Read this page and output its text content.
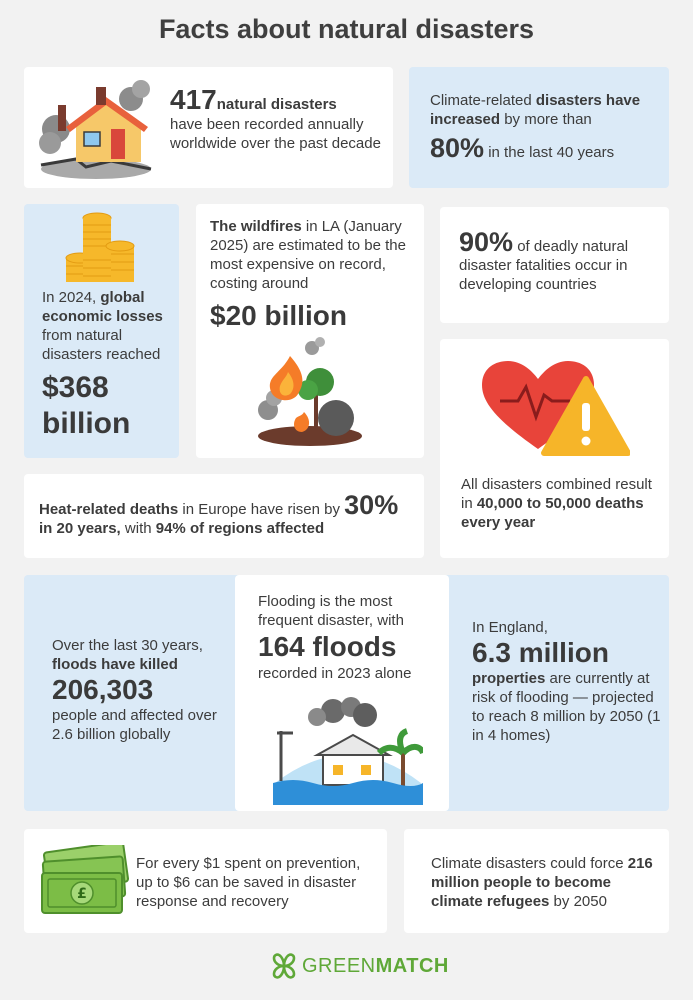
Facts about natural disasters
417natural disasters
have been recorded annually worldwide over the past decade
Climate-related disasters have increased by more than
80% in the last 40 years
In 2024, global economic losses from natural disasters reached
$368
billion
The wildfires in LA (January 2025) are estimated to be the most expensive on record, costing around
$20 billion
90% of deadly natural disaster fatalities occur in developing countries
All disasters combined result in 40,000 to 50,000 deaths every year
Heat-related deaths in Europe have risen by 30%
in 20 years, with 94% of regions affected
Over the last 30 years, floods have killed
206,303
people and affected over 2.6 billion globally
Flooding is the most frequent disaster, with
164 floods
recorded in 2023 alone
In England,
6.3 million
properties are currently at risk of flooding — projected to reach 8 million by 2050 (1 in 4 homes)
£
For every $1 spent on prevention, up to $6 can be saved in disaster response and recovery
Climate disasters could force 216 million people to become climate refugees by 2050
GREENMATCH
